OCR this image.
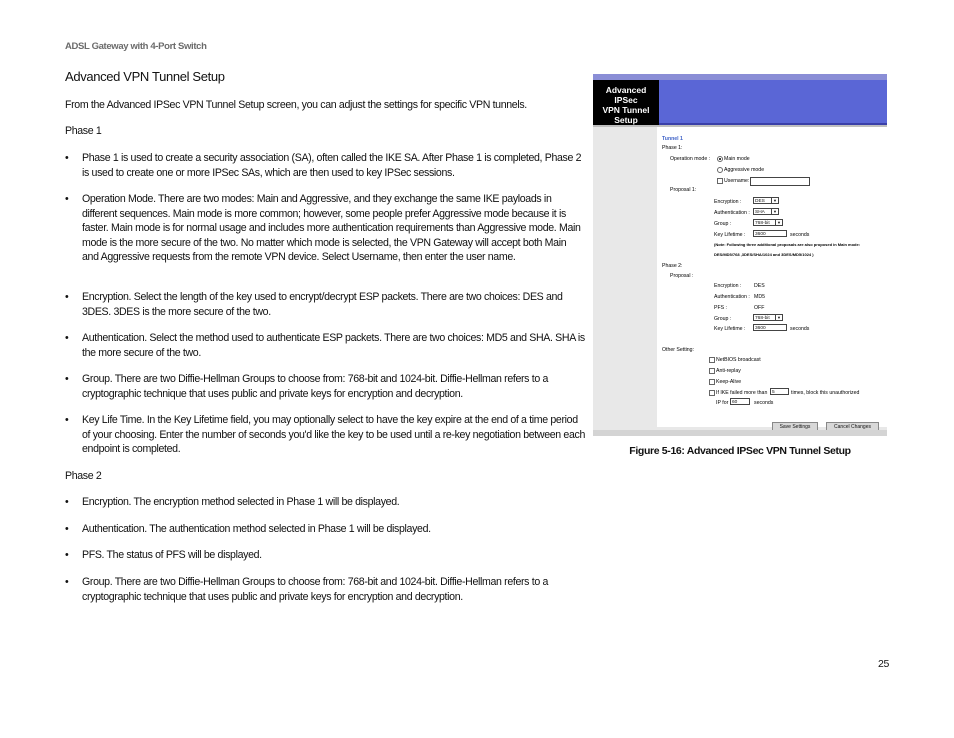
ADSL Gateway with 4-Port Switch
Advanced VPN Tunnel Setup

From the Advanced IPSec VPN Tunnel Setup screen, you can adjust the settings for specific VPN tunnels.

Phase 1

• Phase 1 is used to create a security association (SA), often called the IKE SA. After Phase 1 is completed, Phase 2 is used to create one or more IPSec SAs, which are then used to key IPSec sessions.
• Operation Mode. There are two modes: Main and Aggressive, and they exchange the same IKE payloads in different sequences. Main mode is more common; however, some people prefer Aggressive mode because it is faster. Main mode is for normal usage and includes more authentication requirements than Aggressive mode. Main mode is the more secure of the two. No matter which mode is selected, the VPN Gateway will accept both Main and Aggressive requests from the remote VPN device. Select Username, then enter the user name.
• Encryption. Select the length of the key used to encrypt/decrypt ESP packets. There are two choices: DES and 3DES. 3DES is the more secure of the two.
• Authentication. Select the method used to authenticate ESP packets. There are two choices: MD5 and SHA. SHA is the more secure of the two.
• Group. There are two Diffie-Hellman Groups to choose from: 768-bit and 1024-bit. Diffie-Hellman refers to a cryptographic technique that uses public and private keys for encryption and decryption.
• Key Life Time. In the Key Lifetime field, you may optionally select to have the key expire at the end of a time period of your choosing. Enter the number of seconds you'd like the key to be used until a re-key negotiation between each endpoint is completed.

Phase 2

• Encryption. The encryption method selected in Phase 1 will be displayed.
• Authentication. The authentication method selected in Phase 1 will be displayed.
• PFS. The status of PFS will be displayed.
• Group. There are two Diffie-Hellman Groups to choose from: 768-bit and 1024-bit. Diffie-Hellman refers to a cryptographic technique that uses public and private keys for encryption and decryption.
Advanced IPSec
VPN Tunnel
Setup
Tunnel 1
Phase 1:
Operation mode :	Main mode
Aggressive mode
Username:
Proposal 1:
Encryption :	DES	▼
Authentication :	SHA	▼
Group :	768-bit	▼
Key Lifetime :	3600	seconds
(Note: Following three additional proposals are also proposed in Main mode:
DES/MD5/768 ,3DES/SHA/1024 and 3DES/MD5/1024 )
Phase 2:
Proposal :
Encryption : DES
Authentication : MD5
PFS :	OFF
Group :	768-bit	▼
Key Lifetime :	3600	seconds
Other Setting:
NetBIOS broadcast
Anti-replay
Keep-Alive
If IKE failed more than 5	times, block this unauthorized
IP for 60	seconds
Save Settings	Cancel Changes
Figure 5-16: Advanced IPSec VPN Tunnel Setup
25
